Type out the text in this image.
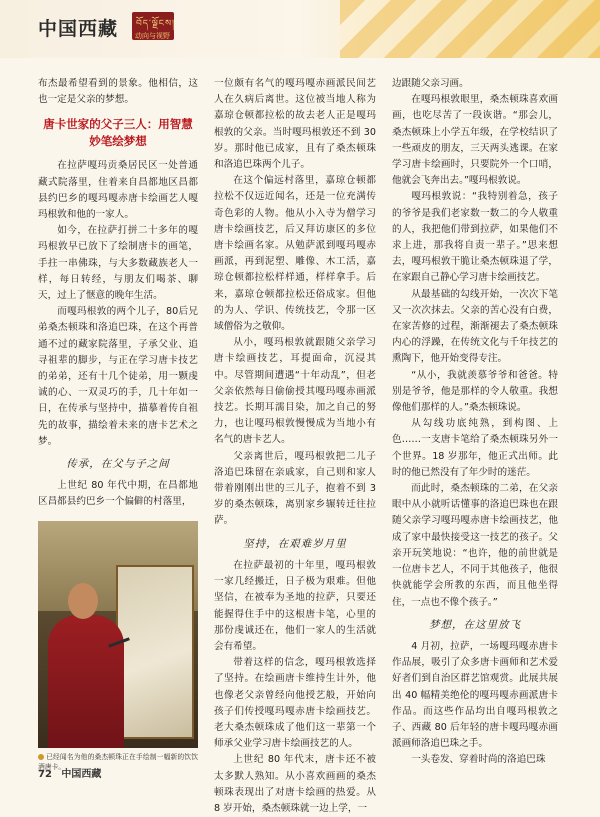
中国西藏 བོད་ལྗོངས།
动向与视野

布杰最希望看到的景象。他相信，这也一定是父亲的梦想。

唐卡世家的父子三人：用智慧妙笔绘梦想

在拉萨嘎玛贡桑居民区一处普通藏式院落里，住着来自昌都地区昌都县约巴乡的嘎玛嘎赤唐卡绘画艺人嘎玛根敦和他的一家人。

如今，在拉萨打拼二十多年的嘎玛根敦早已放下了绘制唐卡的画笔，手拄一串佛珠，与大多数藏族老人一样，每日转经，与朋友们喝茶、聊天，过上了惬意的晚年生活。

而嘎玛根敦的两个儿子，80后兄弟桑杰顿珠和洛追巴珠，在这个再普通不过的藏家院落里，子承父业、追寻祖辈的脚步，与正在学习唐卡技艺的弟弟，还有十几个徒弟，用一颗虔诚的心、一双灵巧的手，几十年如一日，在传承与坚持中，描摹着传自祖先的故事，描绘着未来的唐卡艺术之梦。

传承，在父与子之间

上世纪 80 年代中期，在昌都地区昌都县约巴乡一个偏僻的村落里，

已经闻名为他的桑杰顿珠正在手绘制一幅新的饮饮酒唐卡。

一位颇有名气的嘎玛嘎赤画派民间艺人在久病后离世。这位被当地人称为嘉琼仓顿都拉松的故去老人正是嘎玛根敦的父亲。当时嘎玛根敦还不到 30 岁。那时他已成家，且有了桑杰顿珠和洛追巴珠两个儿子。

在这个偏远村落里，嘉琼仓顿都拉松不仅远近闻名，还是一位充满传奇色彩的人物。他从小入寺为僧学习唐卡绘画技艺，后又拜访康区的多位唐卡绘画名家。从勉萨派到嘎玛嘎赤画派，再到泥塑、雕像、木工活，嘉琼仓顿都拉松样样通，样样拿手。后来，嘉琼仓顿都拉松还俗成家。但他的为人、学识、传统技艺，令那一区域僧俗为之敬仰。

从小，嘎玛根敦就跟随父亲学习唐卡绘画技艺，耳提面命，沉浸其中。尽管期间遭遇“十年动乱”，但老父亲依然每日偷偷授其嘎玛嘎赤画派技艺。长期耳濡目染，加之自己的努力，也让嘎玛根敦慢慢成为当地小有名气的唐卡艺人。

父亲离世后，嘎玛根敦把二儿子洛追巴珠留在亲戚家，自己则和家人带着刚刚出世的三儿子，抱着不到 3 岁的桑杰顿珠，离别家乡辗转迁往拉萨。

坚持，在艰难岁月里

在拉萨最初的十年里，嘎玛根敦一家几经搬迁，日子极为艰难。但他坚信，在被奉为圣地的拉萨，只要还能握得住手中的这根唐卡笔，心里的那份虔诚还在，他们一家人的生活就会有希望。

带着这样的信念，嘎玛根敦选择了坚持。在绘画唐卡维持生计外，他也像老父亲曾经向他授艺般，开始向孩子们传授嘎玛嘎赤唐卡绘画技艺。老大桑杰顿珠成了他们这一辈第一个师承父业学习唐卡绘画技艺的人。

上世纪 80 年代末，唐卡还不被太多默人熟知。从小喜欢画画的桑杰顿珠表现出了对唐卡绘画的热爱。从 8 岁开始，桑杰顿珠就一边上学，一

边跟随父亲习画。

在嘎玛根敦眼里，桑杰顿珠喜欢画画，也吃尽苦了一段诙谐。“那会儿，桑杰顿珠上小学五年级，在学校结识了一些顽皮的朋友，三天两头逃课。在家学习唐卡绘画时，只要院外一个口哨，他就会飞奔出去。”嘎玛根敦说。

嘎玛根敦说：“我特别着急，孩子的爷爷是我们老家数一数二的今人敬重的人，我把他们带到拉萨，如果他们不求上进，那我将自责一辈子。”思来想去，嘎玛根敦干脆让桑杰顿珠退了学，在家跟自己静心学习唐卡绘画技艺。

从最基础的勾线开始，一次次下笔又一次次抹去。父亲的苦心没有白费，在家苦修的过程，渐渐褪去了桑杰顿珠内心的浮躁，在传统文化与千年技艺的熏陶下，他开始变得专注。

“从小，我就羡慕爷爷和爸爸。特别是爷爷，他是那样的令人敬重。我想像他们那样的人。”桑杰顿珠说。

从勾线功底纯熟，到构图、上色……一支唐卡笔给了桑杰顿珠另外一个世界。18 岁那年，他正式出师。此时的他已然没有了年少时的迷茫。

而此时，桑杰顿珠的二弟，在父亲眼中从小就听话懂事的洛追巴珠也在跟随父亲学习嘎玛嘎赤唐卡绘画技艺，他成了家中最快接受这一技艺的孩子。父亲开玩笑地说：“也许，他的前世就是一位唐卡艺人，不同于其他孩子，他很快就能学会所教的东西，而且他坐得住，一点也不像个孩子。”

梦想，在这里放飞

4 月初，拉萨，一场嘎玛嘎赤唐卡作品展，吸引了众多唐卡画师和艺术爱好者们到自治区群艺馆观赏。此展共展出 40 幅精美绝伦的嘎玛嘎赤画派唐卡作品。而这些作品均出自嘎玛根敦之子、西藏 80 后年轻的唐卡嘎玛嘎赤画派画师洛追巴珠之手。

一头卷发、穿着时尚的洛追巴珠

72 中国西藏
